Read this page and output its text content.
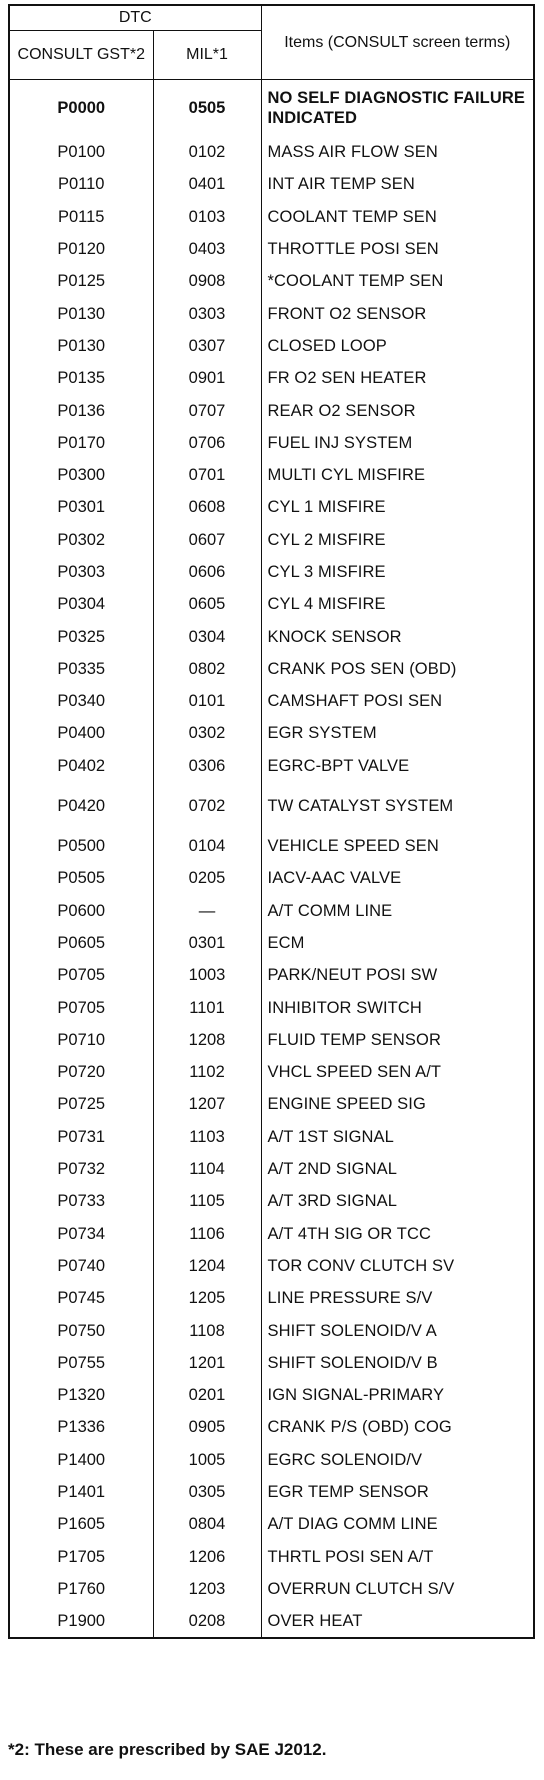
DTC		Items (CONSULT screen terms)
CONSULT GST*2	MIL*1	
P0000	0505	NO SELF DIAGNOSTIC FAILURE INDICATED
P0100	0102	MASS AIR FLOW SEN
P0110	0401	INT AIR TEMP SEN
P0115	0103	COOLANT TEMP SEN
P0120	0403	THROTTLE POSI SEN
P0125	0908	*COOLANT TEMP SEN
P0130	0303	FRONT O2 SENSOR
P0130	0307	CLOSED LOOP
P0135	0901	FR O2 SEN HEATER
P0136	0707	REAR O2 SENSOR
P0170	0706	FUEL INJ SYSTEM
P0300	0701	MULTI CYL MISFIRE
P0301	0608	CYL 1 MISFIRE
P0302	0607	CYL 2 MISFIRE
P0303	0606	CYL 3 MISFIRE
P0304	0605	CYL 4 MISFIRE
P0325	0304	KNOCK SENSOR
P0335	0802	CRANK POS SEN (OBD)
P0340	0101	CAMSHAFT POSI SEN
P0400	0302	EGR SYSTEM
P0402	0306	EGRC-BPT VALVE
P0420	0702	TW CATALYST SYSTEM
P0500	0104	VEHICLE SPEED SEN
P0505	0205	IACV-AAC VALVE
P0600	—	A/T COMM LINE
P0605	0301	ECM
P0705	1003	PARK/NEUT POSI SW
P0705	1101	INHIBITOR SWITCH
P0710	1208	FLUID TEMP SENSOR
P0720	1102	VHCL SPEED SEN A/T
P0725	1207	ENGINE SPEED SIG
P0731	1103	A/T 1ST SIGNAL
P0732	1104	A/T 2ND SIGNAL
P0733	1105	A/T 3RD SIGNAL
P0734	1106	A/T 4TH SIG OR TCC
P0740	1204	TOR CONV CLUTCH SV
P0745	1205	LINE PRESSURE S/V
P0750	1108	SHIFT SOLENOID/V A
P0755	1201	SHIFT SOLENOID/V B
P1320	0201	IGN SIGNAL-PRIMARY
P1336	0905	CRANK P/S (OBD) COG
P1400	1005	EGRC SOLENOID/V
P1401	0305	EGR TEMP SENSOR
P1605	0804	A/T DIAG COMM LINE
P1705	1206	THRTL POSI SEN A/T
P1760	1203	OVERRUN CLUTCH S/V
P1900	0208	OVER HEAT
*2: These are prescribed by SAE J2012.
